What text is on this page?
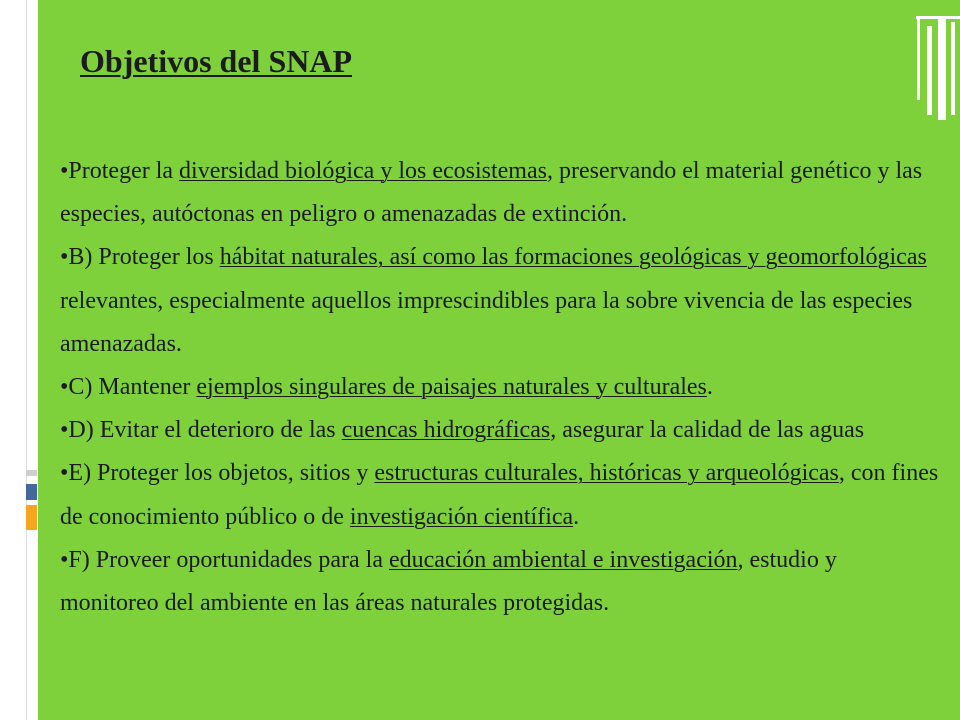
Objetivos del SNAP
•Proteger la diversidad biológica y los ecosistemas, preservando el material genético y las
especies, autóctonas en peligro o amenazadas de extinción.
•B) Proteger los hábitat naturales, así como las formaciones geológicas y geomorfológicas
relevantes, especialmente aquellos imprescindibles para la sobre vivencia de las especies
amenazadas.
•C) Mantener ejemplos singulares de paisajes naturales y culturales.
•D) Evitar el deterioro de las cuencas hidrográficas, asegurar la calidad de las aguas
•E) Proteger los objetos, sitios y estructuras culturales, históricas y arqueológicas, con fines
de conocimiento público o de investigación científica.
•F) Proveer oportunidades para la educación ambiental e investigación, estudio y
monitoreo del ambiente en las áreas naturales protegidas.
